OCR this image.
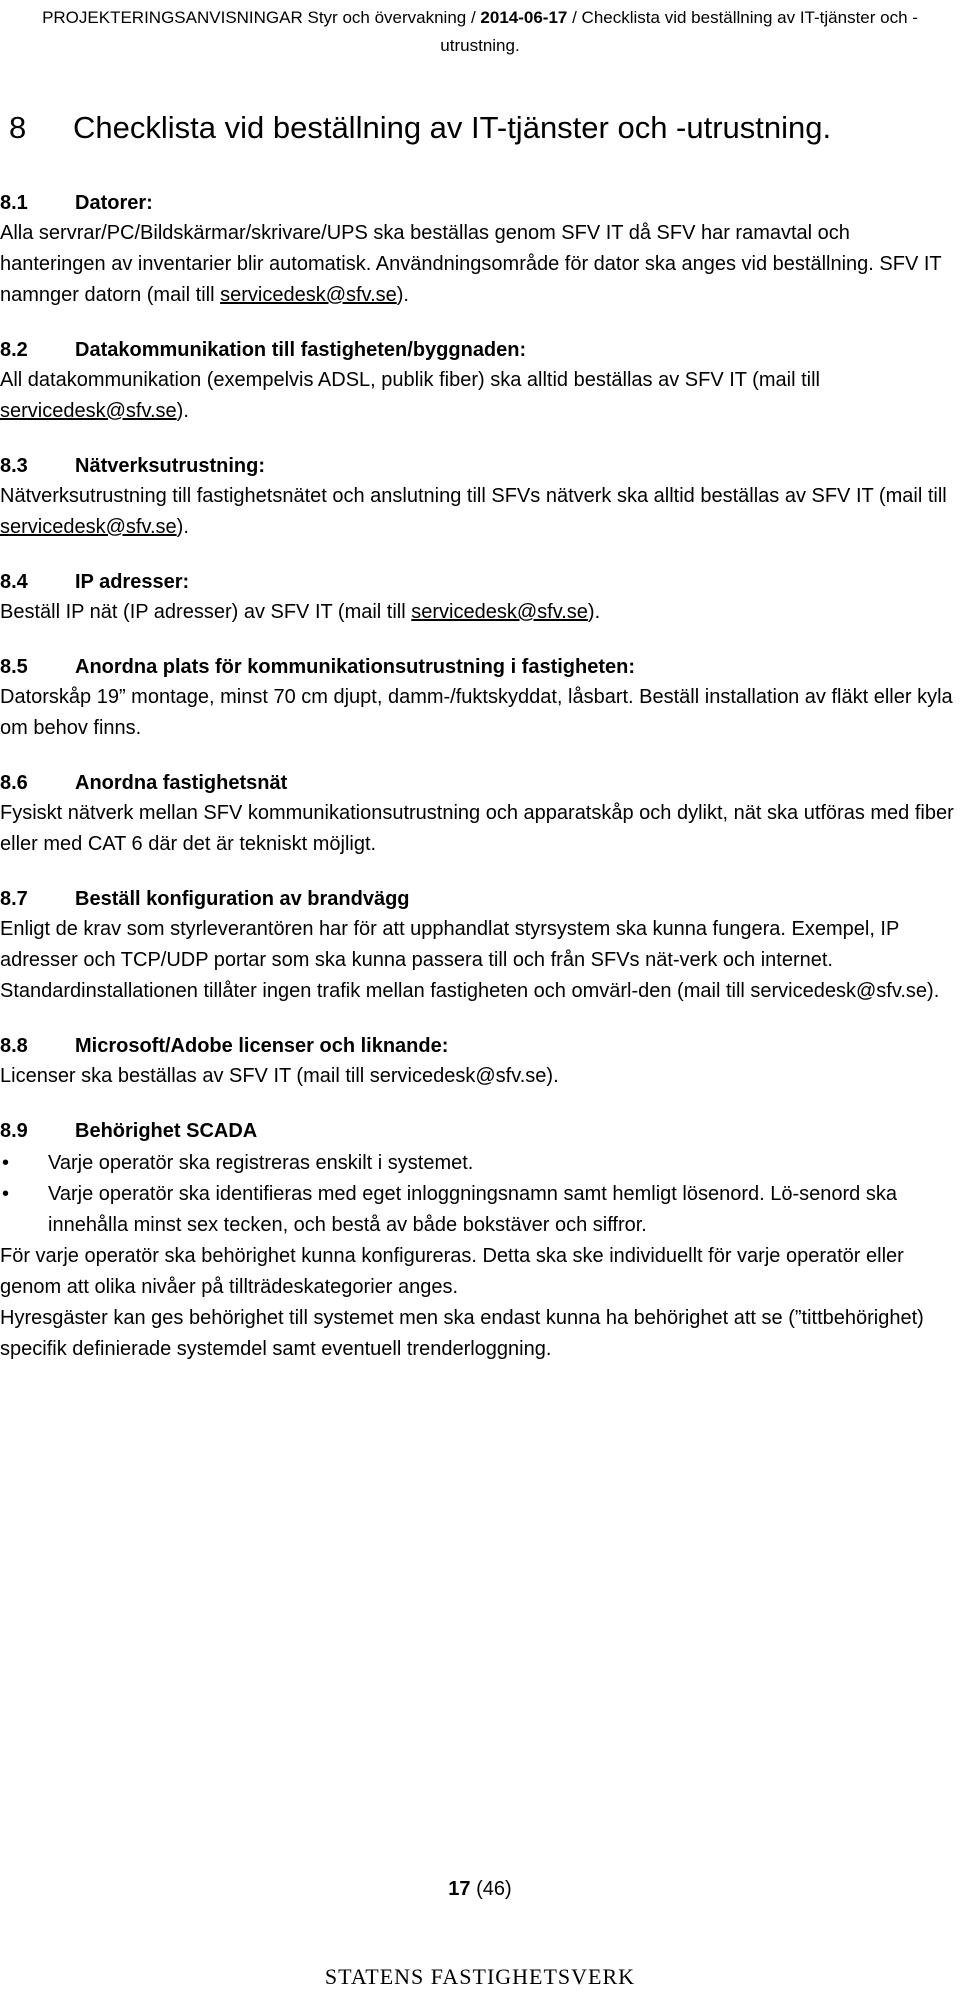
PROJEKTERINGSANVISNINGAR Styr och övervakning / 2014-06-17 / Checklista vid beställning av IT-tjänster och -
utrustning.
8 Checklista vid beställning av IT-tjänster och -utrustning.
8.1 Datorer:

Alla servrar/PC/Bildskärmar/skrivare/UPS ska beställas genom SFV IT då SFV har ramavtal och hanteringen av inventarier blir automatisk. Användningsområde för dator ska anges vid beställning. SFV IT namnger datorn (mail till servicedesk@sfv.se).

8.2 Datakommunikation till fastigheten/byggnaden:

All datakommunikation (exempelvis ADSL, publik fiber) ska alltid beställas av SFV IT (mail till servicedesk@sfv.se).

8.3 Nätverksutrustning:

Nätverksutrustning till fastighetsnätet och anslutning till SFVs nätverk ska alltid beställas av SFV IT (mail till servicedesk@sfv.se).

8.4 IP adresser:

Beställ IP nät (IP adresser) av SFV IT (mail till servicedesk@sfv.se).

8.5 Anordna plats för kommunikationsutrustning i fastigheten:

Datorskåp 19” montage, minst 70 cm djupt, damm-/fuktskyddat, låsbart. Beställ installation av fläkt eller kyla om behov finns.

8.6 Anordna fastighetsnät

Fysiskt nätverk mellan SFV kommunikationsutrustning och apparatskåp och dylikt, nät ska utföras med fiber eller med CAT 6 där det är tekniskt möjligt.

8.7 Beställ konfiguration av brandvägg

Enligt de krav som styrleverantören har för att upphandlat styrsystem ska kunna fungera. Exempel, IP adresser och TCP/UDP portar som ska kunna passera till och från SFVs nät-verk och internet. Standardinstallationen tillåter ingen trafik mellan fastigheten och omvärl-den (mail till servicedesk@sfv.se).

8.8 Microsoft/Adobe licenser och liknande:

Licenser ska beställas av SFV IT (mail till servicedesk@sfv.se).

8.9 Behörighet SCADA
• Varje operatör ska registreras enskilt i systemet.
• Varje operatör ska identifieras med eget inloggningsnamn samt hemligt lösenord. Lö-senord ska innehålla minst sex tecken, och bestå av både bokstäver och siffror.

För varje operatör ska behörighet kunna konfigureras. Detta ska ske individuellt för varje operatör eller genom att olika nivåer på tillträdeskategorier anges.

Hyresgäster kan ges behörighet till systemet men ska endast kunna ha behörighet att se (”tittbehörighet) specifik definierade systemdel samt eventuell trenderloggning.

17 (46)
STATENS FASTIGHETSVERK
